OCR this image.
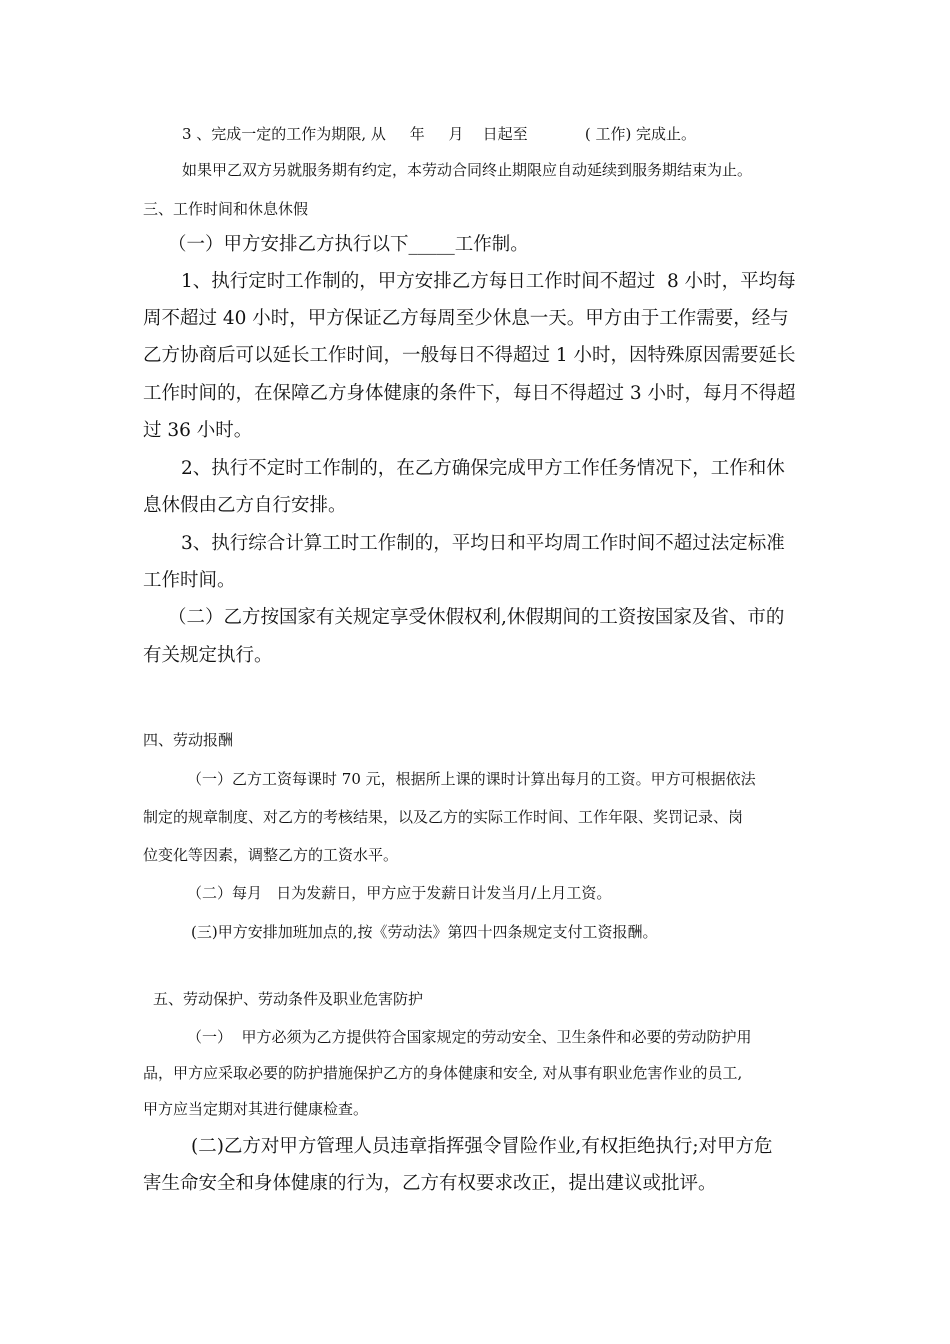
3 、完成一定的工作为期限, 从     年     月    日起至            ( 工作) 完成止。
如果甲乙双方另就服务期有约定，本劳动合同终止期限应自动延续到服务期结束为止。
三、工作时间和休息休假
（一）甲方安排乙方执行以下_____工作制。
1、执行定时工作制的，甲方安排乙方每日工作时间不超过  8 小时，平均每
周不超过 40 小时，甲方保证乙方每周至少休息一天。甲方由于工作需要，经与
乙方协商后可以延长工作时间，一般每日不得超过 1 小时，因特殊原因需要延长
工作时间的，在保障乙方身体健康的条件下，每日不得超过 3 小时，每月不得超
过 36 小时。
2、执行不定时工作制的，在乙方确保完成甲方工作任务情况下，工作和休
息休假由乙方自行安排。
3、执行综合计算工时工作制的，平均日和平均周工作时间不超过法定标准
工作时间。
（二）乙方按国家有关规定享受休假权利,休假期间的工资按国家及省、市的
有关规定执行。
四、劳动报酬
（一）乙方工资每课时 70 元，根据所上课的课时计算出每月的工资。甲方可根据依法
制定的规章制度、对乙方的考核结果，以及乙方的实际工作时间、工作年限、奖罚记录、岗
位变化等因素，调整乙方的工资水平。
（二）每月   日为发薪日，甲方应于发薪日计发当月/上月工资。
(三)甲方安排加班加点的,按《劳动法》第四十四条规定支付工资报酬。
五、劳动保护、劳动条件及职业危害防护
（一）  甲方必须为乙方提供符合国家规定的劳动安全、卫生条件和必要的劳动防护用
品，甲方应采取必要的防护措施保护乙方的身体健康和安全, 对从事有职业危害作业的员工,
甲方应当定期对其进行健康检查。
(二)乙方对甲方管理人员违章指挥强令冒险作业,有权拒绝执行;对甲方危
害生命安全和身体健康的行为，乙方有权要求改正，提出建议或批评。
